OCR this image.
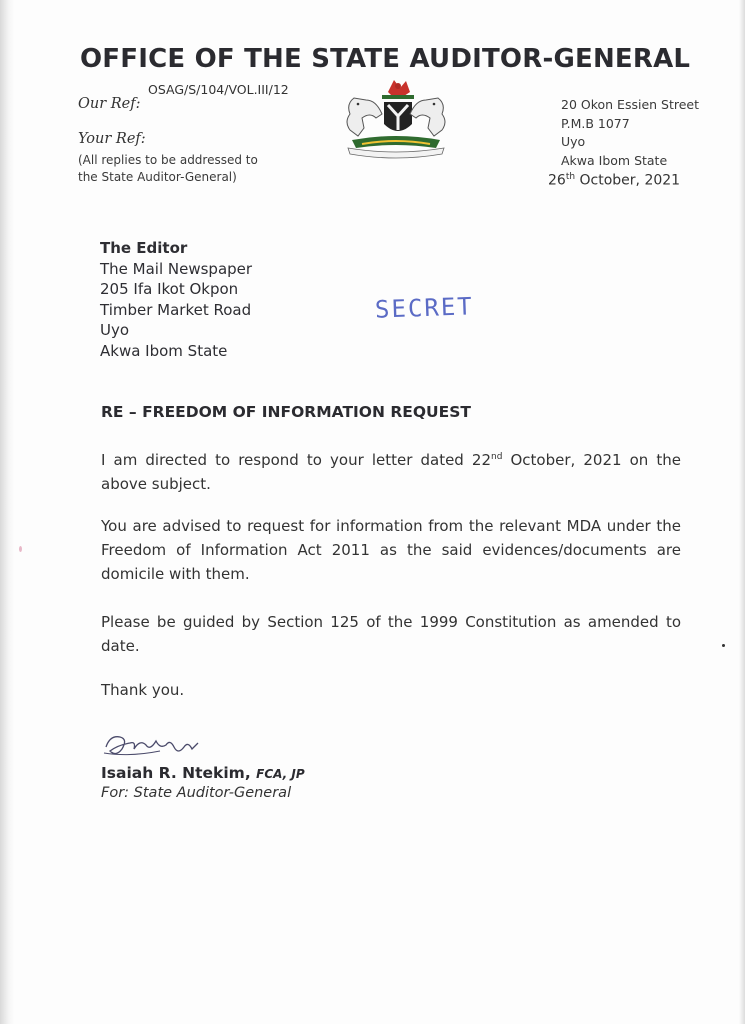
OFFICE OF THE STATE AUDITOR-GENERAL
Our Ref:
OSAG/S/104/VOL.III/12
Your Ref:
(All replies to be addressed to
the State Auditor-General)
20 Okon Essien Street
P.M.B 1077
Uyo
Akwa Ibom State
26th October, 2021
The Editor
The Mail Newspaper
205 Ifa Ikot Okpon
Timber Market Road
Uyo
Akwa Ibom State
SECRET
RE – FREEDOM OF INFORMATION REQUEST
I am directed to respond to your letter dated 22nd October, 2021 on the above subject.
You are advised to request for information from the relevant MDA under the Freedom of Information Act 2011 as the said evidences/documents are domicile with them.
Please be guided by Section 125 of the 1999 Constitution as amended to date.
Thank you.
Isaiah R. Ntekim, FCA, JP
For: State Auditor-General
